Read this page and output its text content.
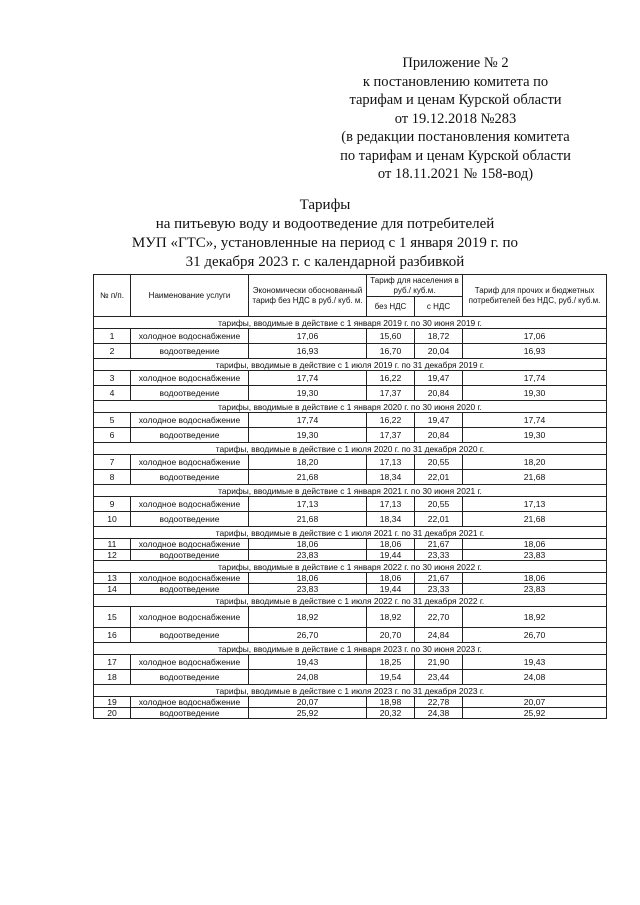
Приложение № 2
к постановлению комитета по
тарифам и ценам Курской области
от 19.12.2018 №283
(в редакции постановления комитета
по тарифам и ценам Курской области
от 18.11.2021 № 158-вод)
Тарифы
на питьевую воду и водоотведение для потребителей
МУП «ГТС», установленные на период с 1 января 2019 г. по
31 декабря 2023 г. с календарной разбивкой
№ п/п.	Наименование услуги	Экономически обоснованный тариф без НДС в руб./ куб. м.	Тариф для населения в руб./ куб.м.		Тариф для прочих и бюджетных потребителей без НДС, руб./ куб.м.
			без НДС	с НДС	
тарифы, вводимые в действие с 1 января 2019 г. по 30 июня 2019 г.					
1	холодное водоснабжение	17,06	15,60	18,72	17,06
2	водоотведение	16,93	16,70	20,04	16,93
тарифы, вводимые в действие с 1 июля 2019 г. по 31 декабря 2019 г.					
3	холодное водоснабжение	17,74	16,22	19,47	17,74
4	водоотведение	19,30	17,37	20,84	19,30
тарифы, вводимые в действие с 1 января 2020 г. по 30 июня 2020 г.					
5	холодное водоснабжение	17,74	16,22	19,47	17,74
6	водоотведение	19,30	17,37	20,84	19,30
тарифы, вводимые в действие с 1 июля 2020 г. по 31 декабря 2020 г.					
7	холодное водоснабжение	18,20	17,13	20,55	18,20
8	водоотведение	21,68	18,34	22,01	21,68
тарифы, вводимые в действие с 1 января 2021 г. по 30 июня 2021 г.					
9	холодное водоснабжение	17,13	17,13	20,55	17,13
10	водоотведение	21,68	18,34	22,01	21,68
тарифы, вводимые в действие с 1 июля 2021 г. по 31 декабря 2021 г.					
11	холодное водоснабжение	18,06	18,06	21,67	18,06
12	водоотведение	23,83	19,44	23,33	23,83
тарифы, вводимые в действие с 1 января 2022 г. по 30 июня 2022 г.					
13	холодное водоснабжение	18,06	18,06	21,67	18,06
14	водоотведение	23,83	19,44	23,33	23,83
тарифы, вводимые в действие с 1 июля 2022 г. по 31 декабря 2022 г.					
15	холодное водоснабжение	18,92	18,92	22,70	18,92
16	водоотведение	26,70	20,70	24,84	26,70
тарифы, вводимые в действие с 1 января 2023 г. по 30 июня 2023 г.					
17	холодное водоснабжение	19,43	18,25	21,90	19,43
18	водоотведение	24,08	19,54	23,44	24,08
тарифы, вводимые в действие с 1 июля 2023 г. по 31 декабря 2023 г.					
19	холодное водоснабжение	20,07	18,98	22,78	20,07
20	водоотведение	25,92	20,32	24,38	25,92
